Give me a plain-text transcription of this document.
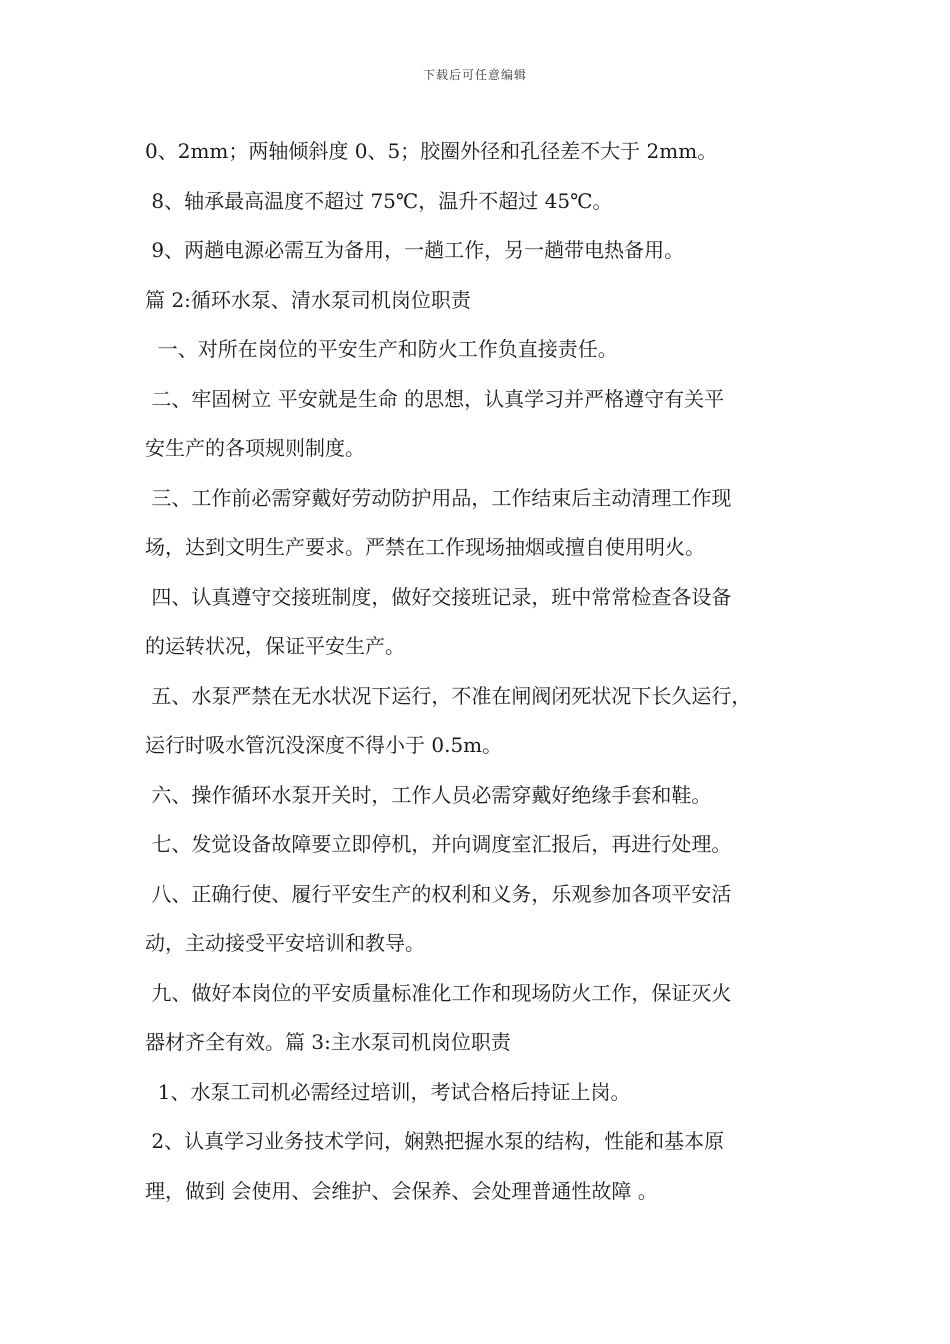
下载后可任意编辑
0、2mm；两轴倾斜度 0、5；胶圈外径和孔径差不大于 2mm。
8、轴承最高温度不超过 75℃，温升不超过 45℃。
9、两趟电源必需互为备用，一趟工作，另一趟带电热备用。
篇 2:循环水泵、清水泵司机岗位职责
一、对所在岗位的平安生产和防火工作负直接责任。
二、牢固树立 平安就是生命 的思想，认真学习并严格遵守有关平
安生产的各项规则制度。
三、工作前必需穿戴好劳动防护用品，工作结束后主动清理工作现
场，达到文明生产要求。严禁在工作现场抽烟或擅自使用明火。
四、认真遵守交接班制度，做好交接班记录，班中常常检查各设备
的运转状况，保证平安生产。
五、水泵严禁在无水状况下运行，不准在闸阀闭死状况下长久运行，
运行时吸水管沉没深度不得小于 0.5m。
六、操作循环水泵开关时，工作人员必需穿戴好绝缘手套和鞋。
七、发觉设备故障要立即停机，并向调度室汇报后，再进行处理。
八、正确行使、履行平安生产的权利和义务，乐观参加各项平安活
动，主动接受平安培训和教导。
九、做好本岗位的平安质量标准化工作和现场防火工作，保证灭火
器材齐全有效。篇 3:主水泵司机岗位职责
1、水泵工司机必需经过培训，考试合格后持证上岗。
2、认真学习业务技术学问，娴熟把握水泵的结构，性能和基本原
理，做到 会使用、会维护、会保养、会处理普通性故障 。
